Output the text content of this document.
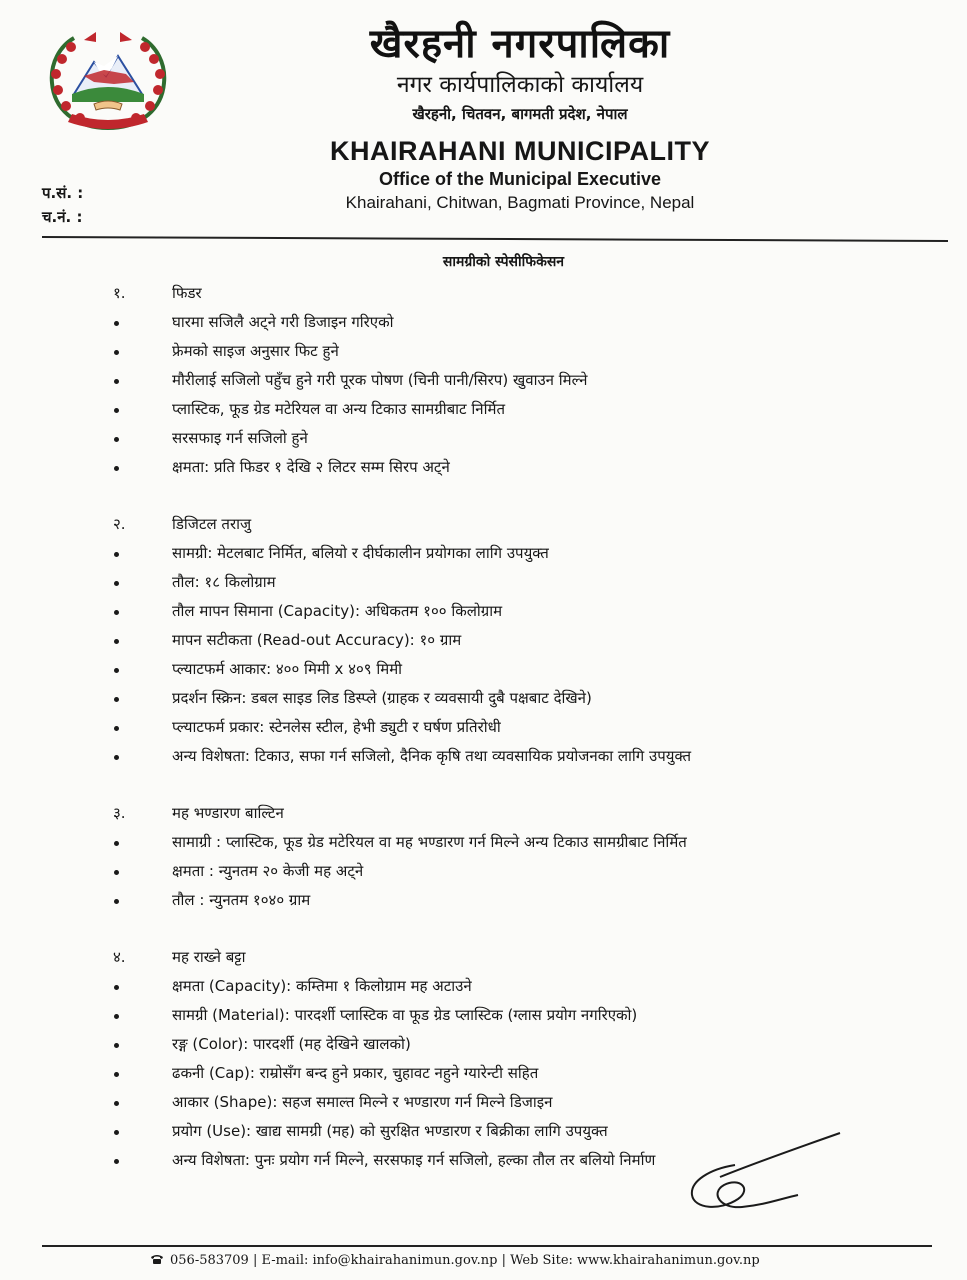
खैरहनी नगरपालिका
नगर कार्यपालिकाको कार्यालय
खैरहनी, चितवन, बागमती प्रदेश, नेपाल
KHAIRAHANI MUNICIPALITY
Office of the Municipal Executive
Khairahani, Chitwan, Bagmati Province, Nepal
प.सं. :
च.नं. :
सामग्रीको स्पेसीफिकेसन
१.	फिडर
घारमा सजिलै अट्ने गरी डिजाइन गरिएको
फ्रेमको साइज अनुसार फिट हुने
मौरीलाई सजिलो पहुँच हुने गरी पूरक पोषण (चिनी पानी/सिरप) खुवाउन मिल्ने
प्लास्टिक, फूड ग्रेड मटेरियल वा अन्य टिकाउ सामग्रीबाट निर्मित
सरसफाइ गर्न सजिलो हुने
क्षमता: प्रति फिडर १ देखि २ लिटर सम्म सिरप अट्ने
२.	डिजिटल तराजु
सामग्री: मेटलबाट निर्मित, बलियो र दीर्घकालीन प्रयोगका लागि उपयुक्त
तौल: १८ किलोग्राम
तौल मापन सिमाना (Capacity): अधिकतम १०० किलोग्राम
मापन सटीकता (Read-out Accuracy): १० ग्राम
प्ल्याटफर्म आकार: ४०० मिमी x ४०९ मिमी
प्रदर्शन स्क्रिन: डबल साइड लिड डिस्प्ले (ग्राहक र व्यवसायी दुबै पक्षबाट देखिने)
प्ल्याटफर्म प्रकार: स्टेनलेस स्टील, हेभी ड्युटी र घर्षण प्रतिरोधी
अन्य विशेषता: टिकाउ, सफा गर्न सजिलो, दैनिक कृषि तथा व्यवसायिक प्रयोजनका लागि उपयुक्त
३.	मह भण्डारण बाल्टिन
सामाग्री : प्लास्टिक, फूड ग्रेड मटेरियल वा मह भण्डारण गर्न मिल्ने अन्य टिकाउ सामग्रीबाट निर्मित
क्षमता : न्युनतम २० केजी मह अट्ने
तौल : न्युनतम १०४० ग्राम
४.	मह राख्ने बट्टा
क्षमता (Capacity): कम्तिमा १ किलोग्राम मह अटाउने
सामग्री (Material): पारदर्शी प्लास्टिक वा फूड ग्रेड प्लास्टिक (ग्लास प्रयोग नगरिएको)
रङ्ग (Color): पारदर्शी (मह देखिने खालको)
ढकनी (Cap): राम्रोसँग बन्द हुने प्रकार, चुहावट नहुने ग्यारेन्टी सहित
आकार (Shape): सहज समाल्त मिल्ने र भण्डारण गर्न मिल्ने डिजाइन
प्रयोग (Use): खाद्य सामग्री (मह) को सुरक्षित भण्डारण र बिक्रीका लागि उपयुक्त
अन्य विशेषता: पुनः प्रयोग गर्न मिल्ने, सरसफाइ गर्न सजिलो, हल्का तौल तर बलियो निर्माण
056-583709 | E-mail: info@khairahanimun.gov.np | Web Site: www.khairahanimun.gov.np
